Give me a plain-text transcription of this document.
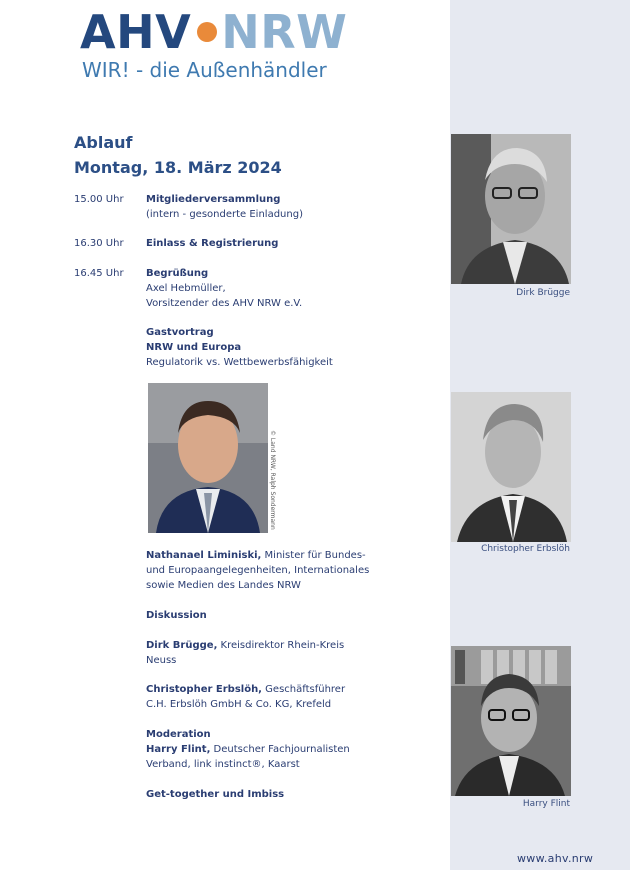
AHV NRW
WIR! - die Außenhändler
Ablauf
Montag, 18. März 2024
15.00 Uhr	Mitgliederversammlung
(intern - gesonderte Einladung)
16.30 Uhr	Einlass & Registrierung
16.45 Uhr	Begrüßung
Axel Hebmüller,
Vorsitzender des AHV NRW e.V.
Gastvortrag
NRW und Europa
Regulatorik vs. Wettbewerbsfähigkeit
© Land NRW, Ralph Sondermann
Nathanael Liminiski, Minister für Bundes-
und Europaangelegenheiten, Internationales
sowie Medien des Landes NRW
Diskussion
Dirk Brügge, Kreisdirektor Rhein-Kreis
Neuss
Christopher Erbslöh, Geschäftsführer
C.H. Erbslöh GmbH & Co. KG, Krefeld
Moderation
Harry Flint, Deutscher Fachjournalisten
Verband, link instinct®, Kaarst
Get-together und Imbiss
Dirk Brügge
Christopher Erbslöh
Harry Flint
www.ahv.nrw
